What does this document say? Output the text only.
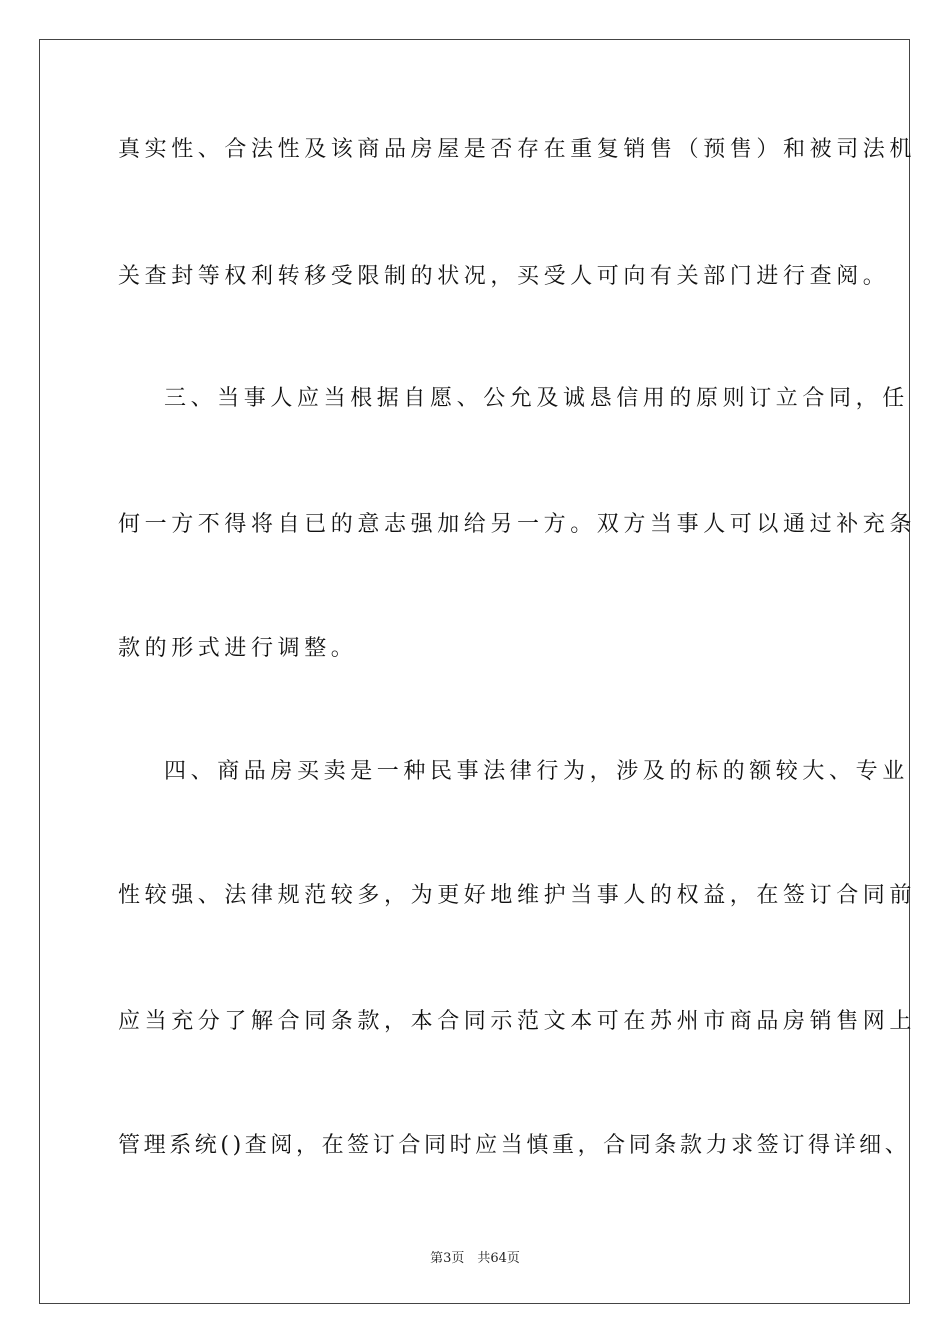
真实性、合法性及该商品房屋是否存在重复销售（预售）和被司法机
关查封等权利转移受限制的状况，买受人可向有关部门进行查阅。
三、当事人应当根据自愿、公允及诚恳信用的原则订立合同，任
何一方不得将自已的意志强加给另一方。双方当事人可以通过补充条
款的形式进行调整。
四、商品房买卖是一种民事法律行为，涉及的标的额较大、专业
性较强、法律规范较多，为更好地维护当事人的权益，在签订合同前
应当充分了解合同条款，本合同示范文本可在苏州市商品房销售网上
管理系统()查阅，在签订合同时应当慎重，合同条款力求签订得详细、
第3页　共64页
